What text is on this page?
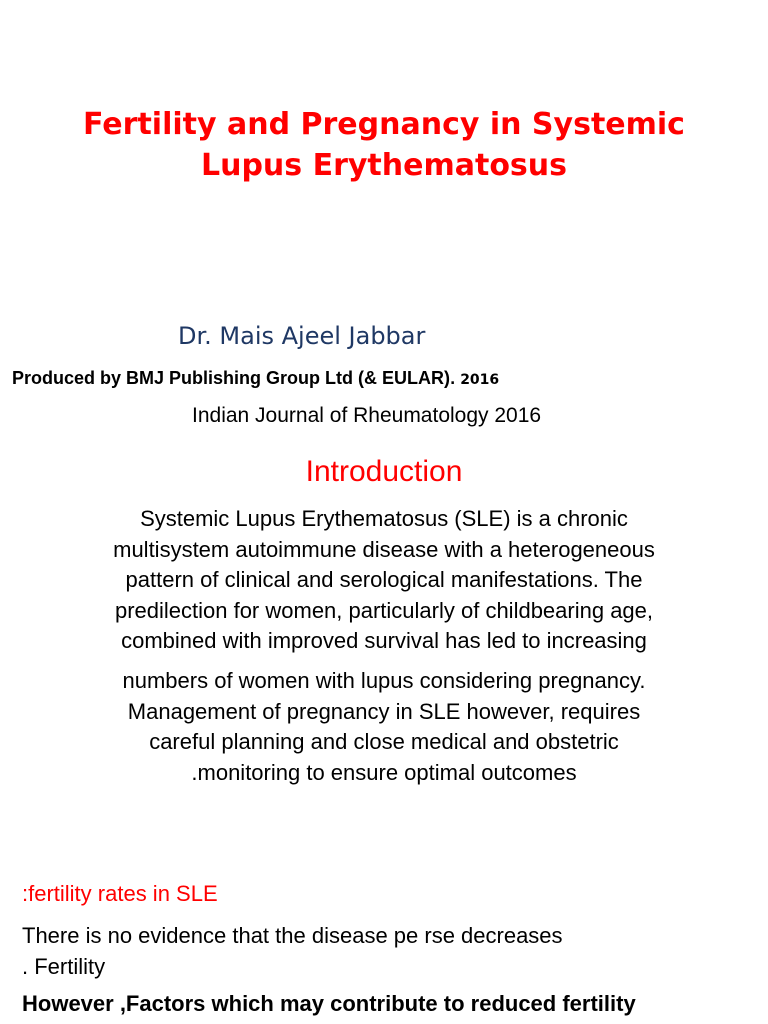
Fertility and Pregnancy in Systemic
Lupus Erythematosus
Dr. Mais Ajeel Jabbar
Produced by BMJ Publishing Group Ltd (& EULAR). 2016
Indian Journal of Rheumatology 2016
Introduction
Systemic Lupus Erythematosus (SLE) is a chronic
multisystem autoimmune disease with a heterogeneous
pattern of clinical and serological manifestations. The
predilection for women, particularly of childbearing age,
combined with improved survival has led to increasing
numbers of women with lupus considering pregnancy.
Management of pregnancy in SLE however, requires
careful planning and close medical and obstetric
.monitoring to ensure optimal outcomes
:fertility rates in SLE
There is no evidence that the disease pe rse decreases
. Fertility
However ,Factors which may contribute to reduced fertility
